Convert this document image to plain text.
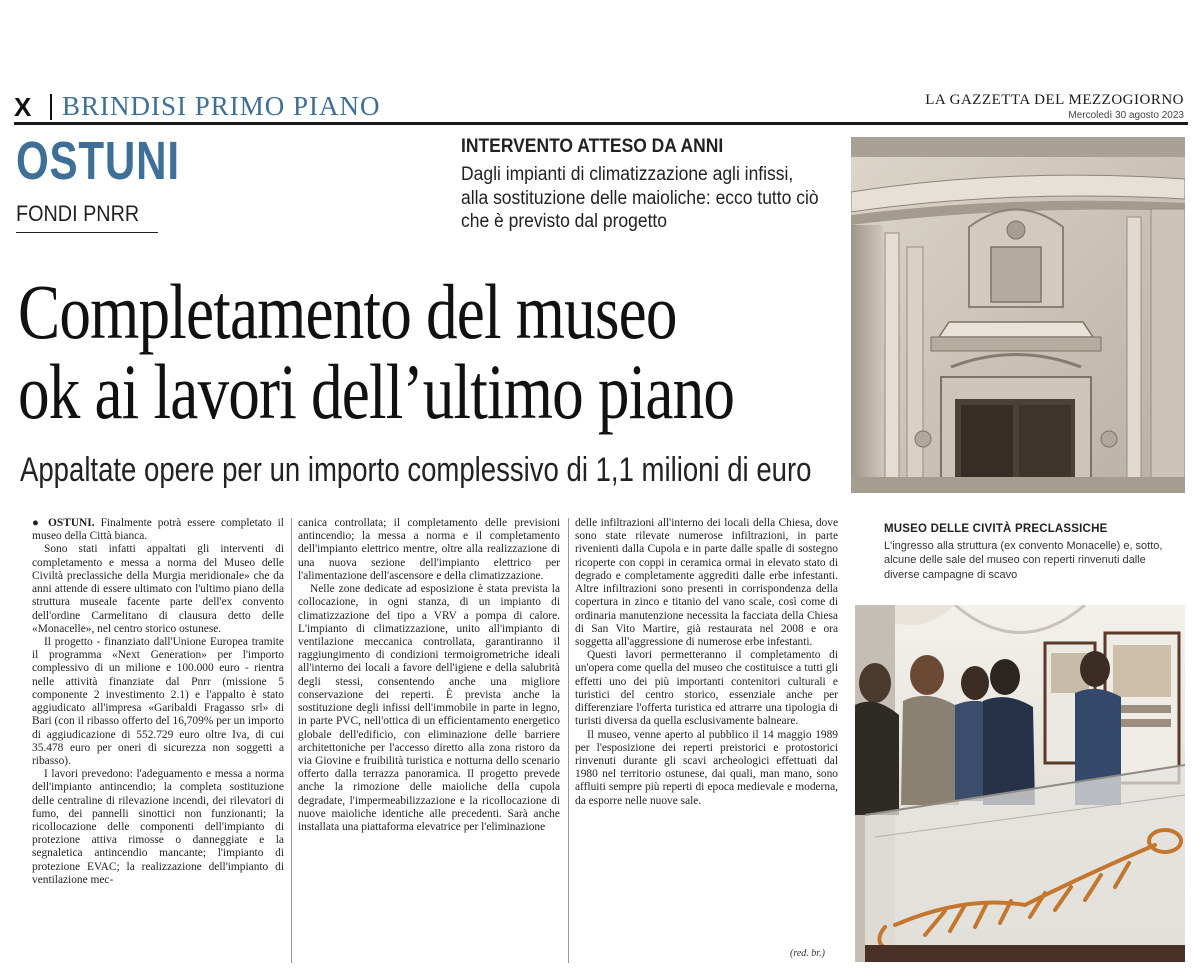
X BRINDISI PRIMO PIANO	LA GAZZETTA DEL MEZZOGIORNO
Mercoledì 30 agosto 2023
OSTUNI
FONDI PNRR
INTERVENTO ATTESO DA ANNI
Dagli impianti di climatizzazione agli infissi, alla sostituzione delle maioliche: ecco tutto ciò che è previsto dal progetto
Completamento del museo
ok ai lavori dell’ultimo piano
Appaltate opere per un importo complessivo di 1,1 milioni di euro

● OSTUNI. Finalmente potrà essere completato il museo della Città bianca.

Sono stati infatti appaltati gli interventi di completamento e messa a norma del Museo delle Civiltà preclassiche della Murgia meridionale» che da anni attende di essere ultimato con l'ultimo piano della struttura museale facente parte dell'ex convento dell'ordine Carmelitano di clausura detto delle «Monacelle», nel centro storico ostunese.

Il progetto - finanziato dall'Unione Europea tramite il programma «Next Generation» per l'importo complessivo di un milione e 100.000 euro - rientra nelle attività finanziate dal Pnrr (missione 5 componente 2 investimento 2.1) e l'appalto è stato aggiudicato all'impresa «Garibaldi Fragasso srl» di Bari (con il ribasso offerto del 16,709% per un importo di aggiudicazione di 552.729 euro oltre Iva, di cui 35.478 euro per oneri di sicurezza non soggetti a ribasso).

I lavori prevedono: l'adeguamento e messa a norma dell'impianto antincendio; la completa sostituzione delle centraline di rilevazione incendi, dei rilevatori di fumo, dei pannelli sinottici non funzionanti; la ricollocazione delle componenti dell'impianto di protezione attiva rimosse o danneggiate e la segnaletica antincendio mancante; l'impianto di protezione EVAC; la realizzazione dell'impianto di ventilazione mec-

canica controllata; il completamento delle previsioni antincendio; la messa a norma e il completamento dell'impianto elettrico mentre, oltre alla realizzazione di una nuova sezione dell'impianto elettrico per l'alimentazione dell'ascensore e della climatizzazione.

Nelle zone dedicate ad esposizione è stata prevista la collocazione, in ogni stanza, di un impianto di climatizzazione del tipo a VRV a pompa di calore. L'impianto di climatizzazione, unito all'impianto di ventilazione meccanica controllata, garantiranno il raggiungimento di condizioni termoigrometriche ideali all'interno dei locali a favore dell'igiene e della salubrità degli stessi, consentendo anche una migliore conservazione dei reperti. È prevista anche la sostituzione degli infissi dell'immobile in parte in legno, in parte PVC, nell'ottica di un efficientamento energetico globale dell'edificio, con eliminazione delle barriere architettoniche per l'accesso diretto alla zona ristoro da via Giovine e fruibilità turistica e notturna dello scenario offerto dalla terrazza panoramica. Il progetto prevede anche la rimozione delle maioliche della cupola degradate, l'impermeabilizzazione e la ricollocazione di nuove maioliche identiche alle precedenti. Sarà anche installata una piattaforma elevatrice per l'eliminazione

delle infiltrazioni all'interno dei locali della Chiesa, dove sono state rilevate numerose infiltrazioni, in parte rivenienti dalla Cupola e in parte dalle spalle di sostegno ricoperte con coppi in ceramica ormai in elevato stato di degrado e completamente aggrediti dalle erbe infestanti. Altre infiltrazioni sono presenti in corrispondenza della copertura in zinco e titanio del vano scale, così come di ordinaria manutenzione necessita la facciata della Chiesa di San Vito Martire, già restaurata nel 2008 e ora soggetta all'aggressione di numerose erbe infestanti.

Questi lavori permetteranno il completamento di un'opera come quella del museo che costituisce a tutti gli effetti uno dei più importanti contenitori culturali e turistici del centro storico, essenziale anche per differenziare l'offerta turistica ed attrarre una tipologia di turisti diversa da quella esclusivamente balneare.

Il museo, venne aperto al pubblico il 14 maggio 1989 per l'esposizione dei reperti preistorici e protostorici rinvenuti durante gli scavi archeologici effettuati dal 1980 nel territorio ostunese, dai quali, man mano, sono affluiti sempre più reperti di epoca medievale e moderna, da esporre nelle nuove sale.

(red. br.)
MUSEO DELLE CIVITÀ PRECLASSICHE
L'ingresso alla struttura (ex convento Monacelle) e, sotto, alcune delle sale del museo con reperti rinvenuti dalle diverse campagne di scavo
